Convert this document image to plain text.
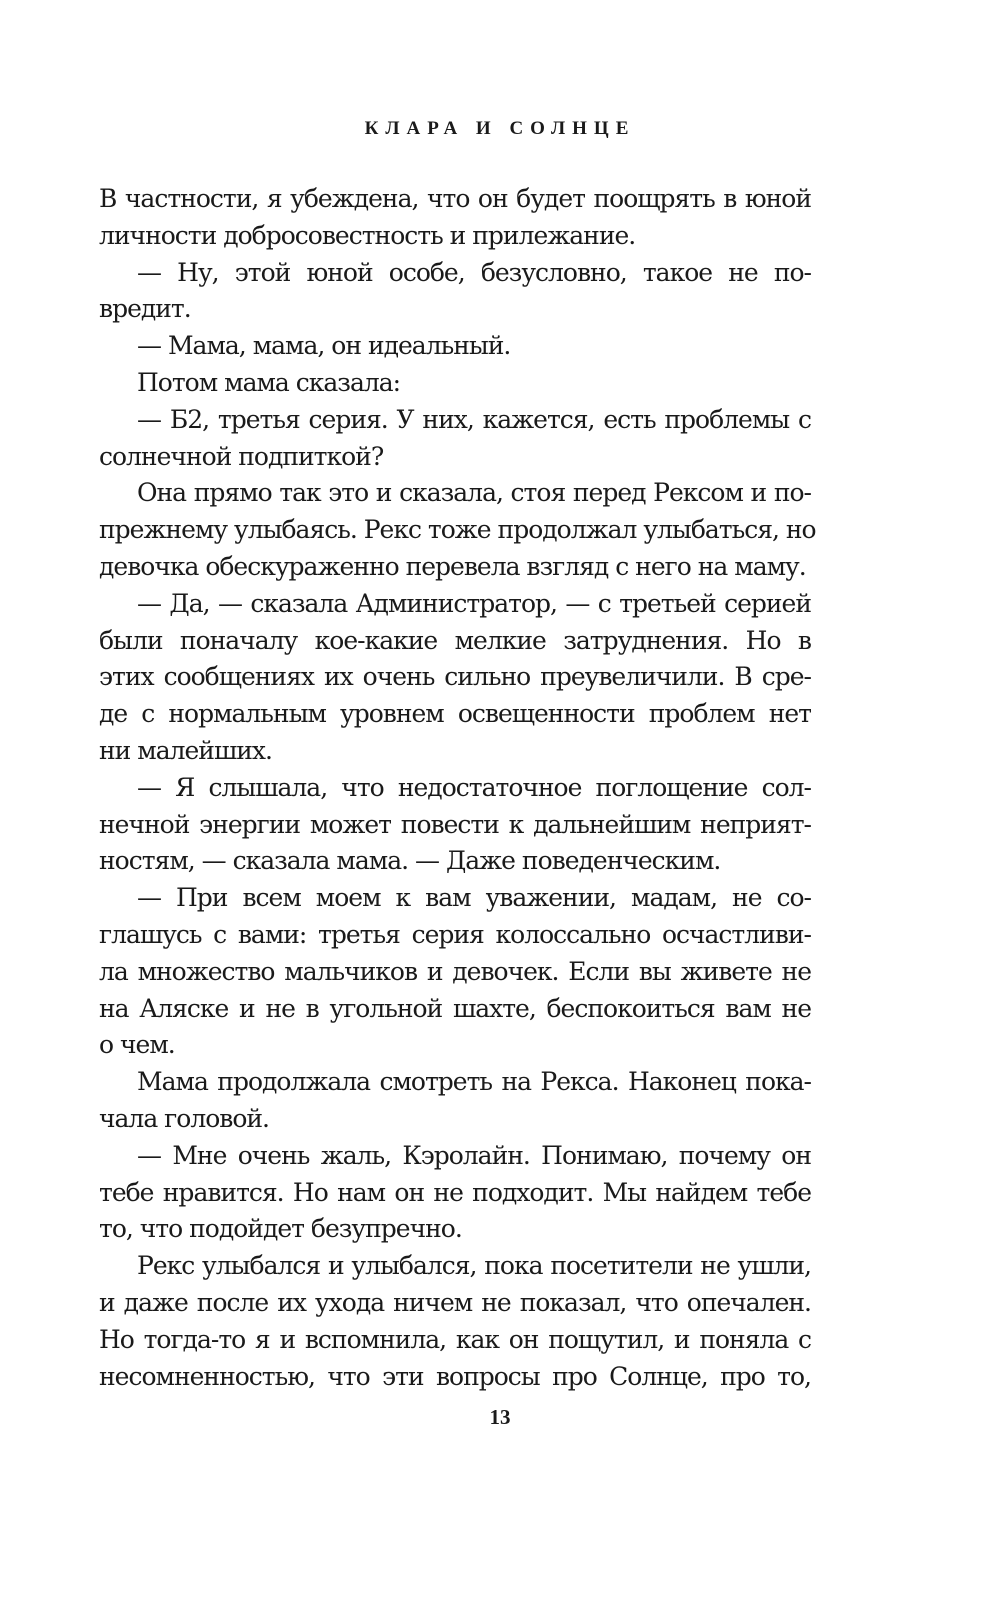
КЛАРА И СОЛНЦЕ
В частности, я убеждена, что он будет поощрять в юной
личности добросовестность и прилежание.
— Ну, этой юной особе, безусловно, такое не по-
вредит.
— Мама, мама, он идеальный.
Потом мама сказала:
— Б2, третья серия. У них, кажется, есть проблемы с
солнечной подпиткой?
Она прямо так это и сказала, стоя перед Рексом и по-
прежнему улыбаясь. Рекс тоже продолжал улыбаться, но
девочка обескураженно перевела взгляд с него на маму.
— Да, — сказала Администратор, — с третьей серией
были поначалу кое-какие мелкие затруднения. Но в
этих сообщениях их очень сильно преувеличили. В сре-
де с нормальным уровнем освещенности проблем нет
ни малейших.
— Я слышала, что недостаточное поглощение сол-
нечной энергии может повести к дальнейшим неприят-
ностям, — сказала мама. — Даже поведенческим.
— При всем моем к вам уважении, мадам, не со-
глашусь с вами: третья серия колоссально осчастливи-
ла множество мальчиков и девочек. Если вы живете не
на Аляске и не в угольной шахте, беспокоиться вам не
о чем.
Мама продолжала смотреть на Рекса. Наконец пока-
чала головой.
— Мне очень жаль, Кэролайн. Понимаю, почему он
тебе нравится. Но нам он не подходит. Мы найдем тебе
то, что подойдет безупречно.
Рекс улыбался и улыбался, пока посетители не ушли,
и даже после их ухода ничем не показал, что опечален.
Но тогда-то я и вспомнила, как он пощутил, и поняла с
несомненностью, что эти вопросы про Солнце, про то,
13
